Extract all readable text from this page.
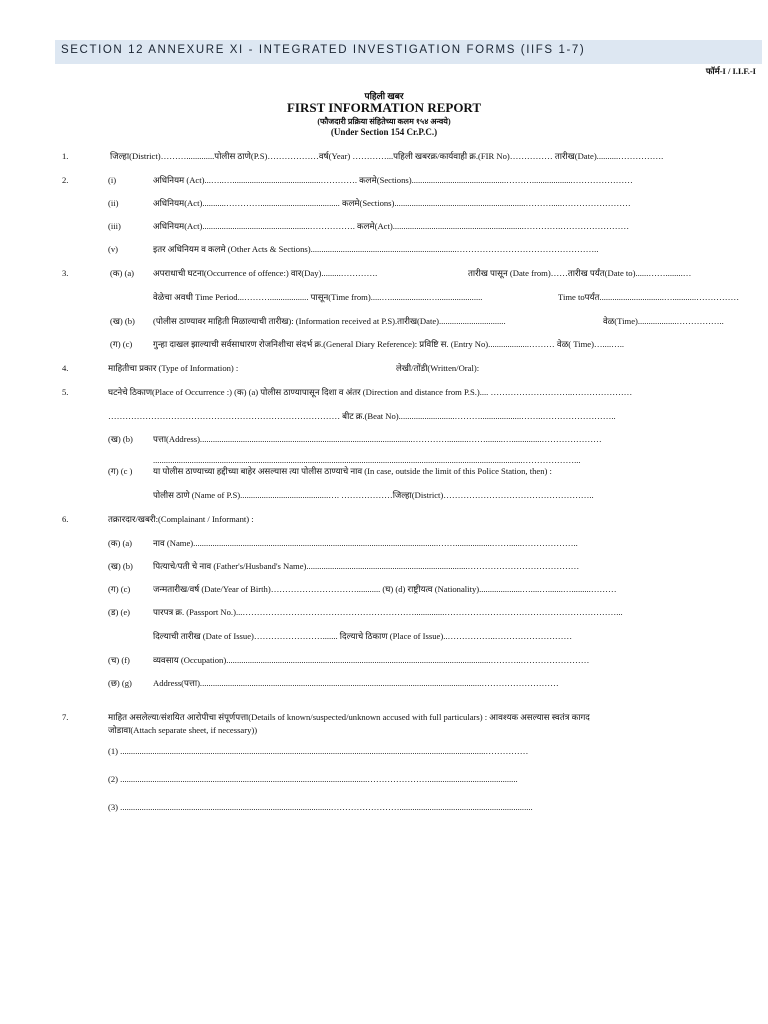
SECTION 12 ANNEXURE XI - INTEGRATED INVESTIGATION FORMS (IIFS 1-7)
फॉर्म-I / I.I.F.-I
पहिली खबर
FIRST INFORMATION REPORT
(फौजदारी प्रक्रिया संहितेच्या कलम १५४ अन्वये)
(Under Section 154 Cr.P.C.)
1.	जिल्हा(District)……….............पोलीस ठाणे(P.S)………………वर्ष(Year) …………...पहिली खबरक्र/कार्यवाही क्र.(FIR No)…………… तारीख(Date)..........…………….
2.	(i)	अधिनियम (Act)...…..….........................................…………. कलमे(Sections)............................................………...................…………………
(ii)	अधिनियम(Act)...........…………..................................... कलमे(Sections).............................................................……….....……………………
(iii)	अधिनियम(Act)..................................................……………. कलमे(Act).............................................................………….……………………
(v)	इतर अधिनियम व कलमे (Other Acts & Sections)....................................................................…………………………………………..
3.	(क) (a) अपराधाची घटना(Occurrence of offence:) वार(Day).........………….	तारीख पासून (Date from)……तारीख पर्यंत(Date to)......……........…
वेळेचा अवधी Time Period...……….................. पासून(Time from).....…..................….....................	Time toपर्यंत..............................…...........……………
(ख) (b) (पोलीस ठाण्यावर माहिती मिळाल्याची तारीख): (Information received at P.S).तारीख(Date)...............................	वेळ(Time)..................……………..
(ग) (c) गुन्हा दाखल झाल्याची सर्वसाधारण रोजनिशीचा संदर्भ क्र.(General Diary Reference): प्रविष्टि स. (Entry No)...................……… वेळ( Time)…....…..
4.	माहितीचा प्रकार (Type of Information) :	लेखी/तोंडी(Written/Oral):
5.	घटनेचे ठिकाण(Place of Occurrence :) (क) (a) पोलीस ठाण्यापासून दिशा व अंतर (Direction and distance from P.S.).... ………………………..…………………
……………………………………………………………………… बीट क्र.(Beat No)..........................………...................……..……………………..
(ख) (b) पत्ता(Address)...................................................................................................…………..........……........…..............…………………
............................................................................................................................................................................………………...
(ग) (c ) या पोलीस ठाण्याच्या हद्दीच्या बाहेर असल्यास त्या पोलीस ठाण्याचे नाव (In case, outside the limit of this Police Station, then) :
पोलीस ठाणे (Name of P.S).........................................…. ………………जिल्हा(District)……………………………………………..
6.	तक्रारदार/खबरी:(Complainant / Informant) :
(क) (a) नाव (Name)..................................................................................................................…….................……......………………..
(ख) (b) पित्याचे/पती चे नाव (Father's/Husband's Name)...........................................................................…………………………………
(ग) (c)	जन्मतारीख/वर्ष (Date/Year of Birth)…………………………........... (घ) (d) राष्ट्रीयत्व (Nationality)....................…....….......….........………
(ड) (e)	पारपत्र क्र. (Passport No.)...……………………………………………………..............……………………………………………………...
दिल्याची तारीख (Date of Issue)……………………....... दिल्याचे ठिकाण (Place of Issue)..……………..………………………
(च) (f)	व्यवसाय (Occupation)...........................................................................................................................………..……………………
(छ) (g) Address(पत्ता)...................................................................................................................................………………………
7.	माहित असलेल्या/संशयित आरोपीचा संपूर्णपत्ता(Details of known/suspected/unknown accused with full particulars) : आवश्यक असल्यास स्वतंत्र कागद
जोडावा(Attach separate sheet, if necessary))
(1) ..........................................................................................................................................................................……………
(2) ...................................................................................................................…………………..........................................
(3) ..................................................................................................……………………..............................................................
